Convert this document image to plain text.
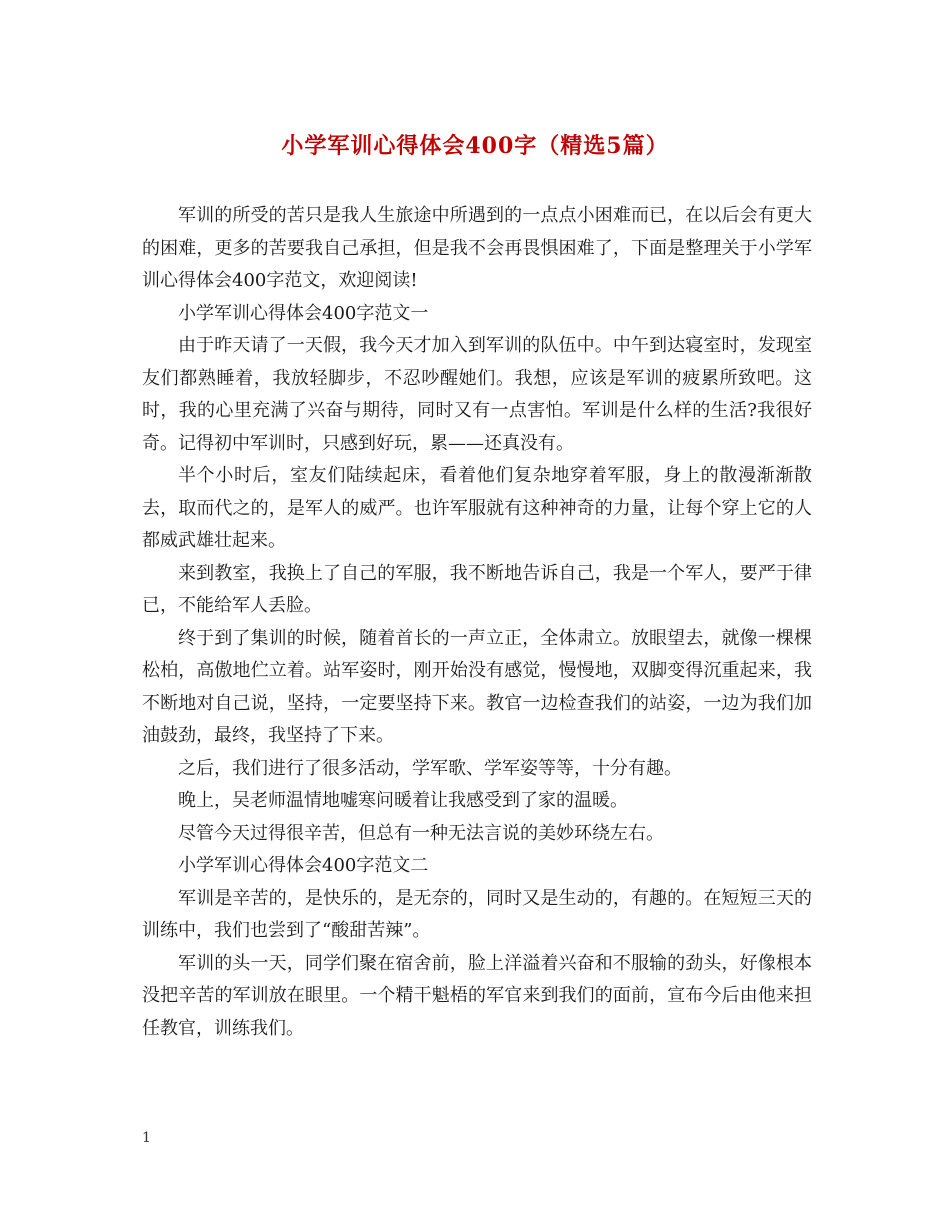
小学军训心得体会400字（精选5篇）

军训的所受的苦只是我人生旅途中所遇到的一点点小困难而已，在以后会有更大的困难，更多的苦要我自己承担，但是我不会再畏惧困难了，下面是整理关于小学军训心得体会400字范文，欢迎阅读!

小学军训心得体会400字范文一

由于昨天请了一天假，我今天才加入到军训的队伍中。中午到达寝室时，发现室友们都熟睡着，我放轻脚步，不忍吵醒她们。我想，应该是军训的疲累所致吧。这时，我的心里充满了兴奋与期待，同时又有一点害怕。军训是什么样的生活?我很好奇。记得初中军训时，只感到好玩，累——还真没有。

半个小时后，室友们陆续起床，看着他们复杂地穿着军服，身上的散漫渐渐散去，取而代之的，是军人的威严。也许军服就有这种神奇的力量，让每个穿上它的人都威武雄壮起来。

来到教室，我换上了自己的军服，我不断地告诉自己，我是一个军人，要严于律已，不能给军人丢脸。

终于到了集训的时候，随着首长的一声立正，全体肃立。放眼望去，就像一棵棵松柏，高傲地伫立着。站军姿时，刚开始没有感觉，慢慢地，双脚变得沉重起来，我不断地对自己说，坚持，一定要坚持下来。教官一边检查我们的站姿，一边为我们加油鼓劲，最终，我坚持了下来。

之后，我们进行了很多活动，学军歌、学军姿等等，十分有趣。

晚上，吴老师温情地嘘寒问暖着让我感受到了家的温暖。

尽管今天过得很辛苦，但总有一种无法言说的美妙环绕左右。

小学军训心得体会400字范文二

军训是辛苦的，是快乐的，是无奈的，同时又是生动的，有趣的。在短短三天的训练中，我们也尝到了“酸甜苦辣”。

军训的头一天，同学们聚在宿舍前，脸上洋溢着兴奋和不服输的劲头，好像根本没把辛苦的军训放在眼里。一个精干魁梧的军官来到我们的面前，宣布今后由他来担任教官，训练我们。

1
